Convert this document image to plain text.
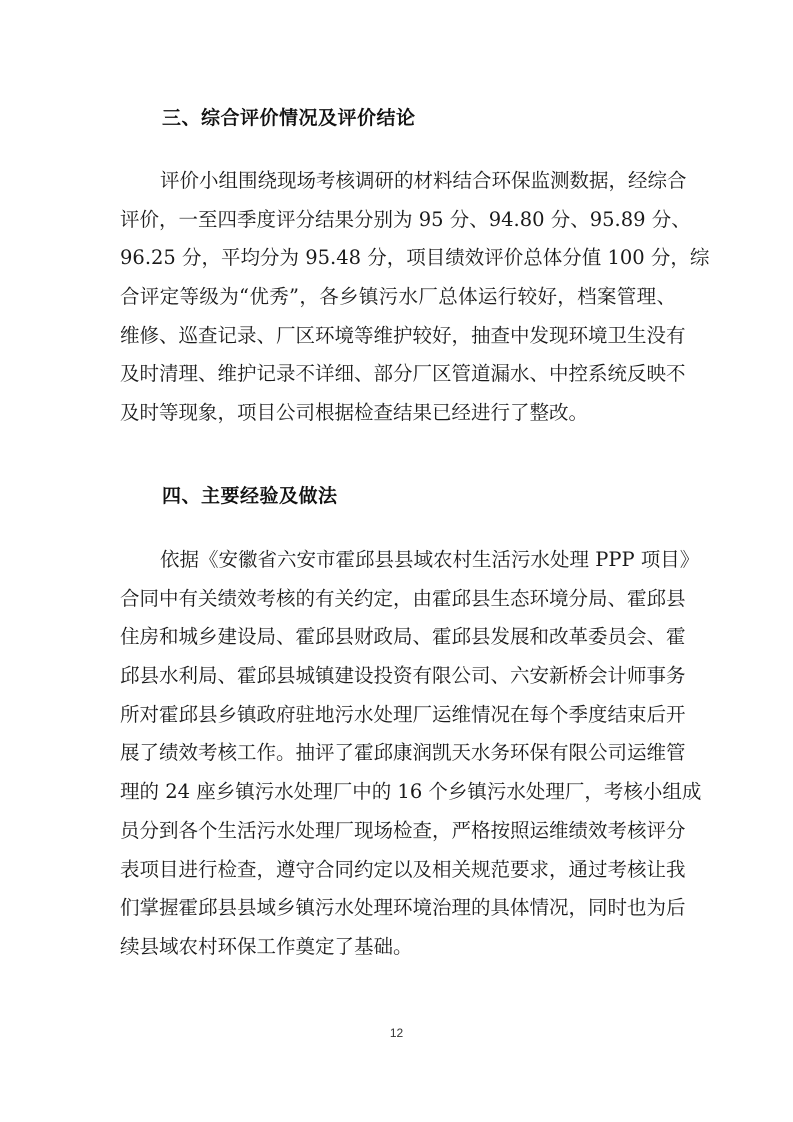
三、综合评价情况及评价结论
评价小组围绕现场考核调研的材料结合环保监测数据，经综合
评价，一至四季度评分结果分别为 95 分、94.80 分、95.89 分、
96.25 分，平均分为 95.48 分，项目绩效评价总体分值 100 分，综
合评定等级为“优秀”，各乡镇污水厂总体运行较好，档案管理、
维修、巡查记录、厂区环境等维护较好，抽查中发现环境卫生没有
及时清理、维护记录不详细、部分厂区管道漏水、中控系统反映不
及时等现象，项目公司根据检查结果已经进行了整改。
四、主要经验及做法
依据《安徽省六安市霍邱县县域农村生活污水处理 PPP 项目》
合同中有关绩效考核的有关约定，由霍邱县生态环境分局、霍邱县
住房和城乡建设局、霍邱县财政局、霍邱县发展和改革委员会、霍
邱县水利局、霍邱县城镇建设投资有限公司、六安新桥会计师事务
所对霍邱县乡镇政府驻地污水处理厂运维情况在每个季度结束后开
展了绩效考核工作。抽评了霍邱康润凯天水务环保有限公司运维管
理的 24 座乡镇污水处理厂中的 16 个乡镇污水处理厂，考核小组成
员分到各个生活污水处理厂现场检查，严格按照运维绩效考核评分
表项目进行检查，遵守合同约定以及相关规范要求，通过考核让我
们掌握霍邱县县域乡镇污水处理环境治理的具体情况，同时也为后
续县域农村环保工作奠定了基础。
12
